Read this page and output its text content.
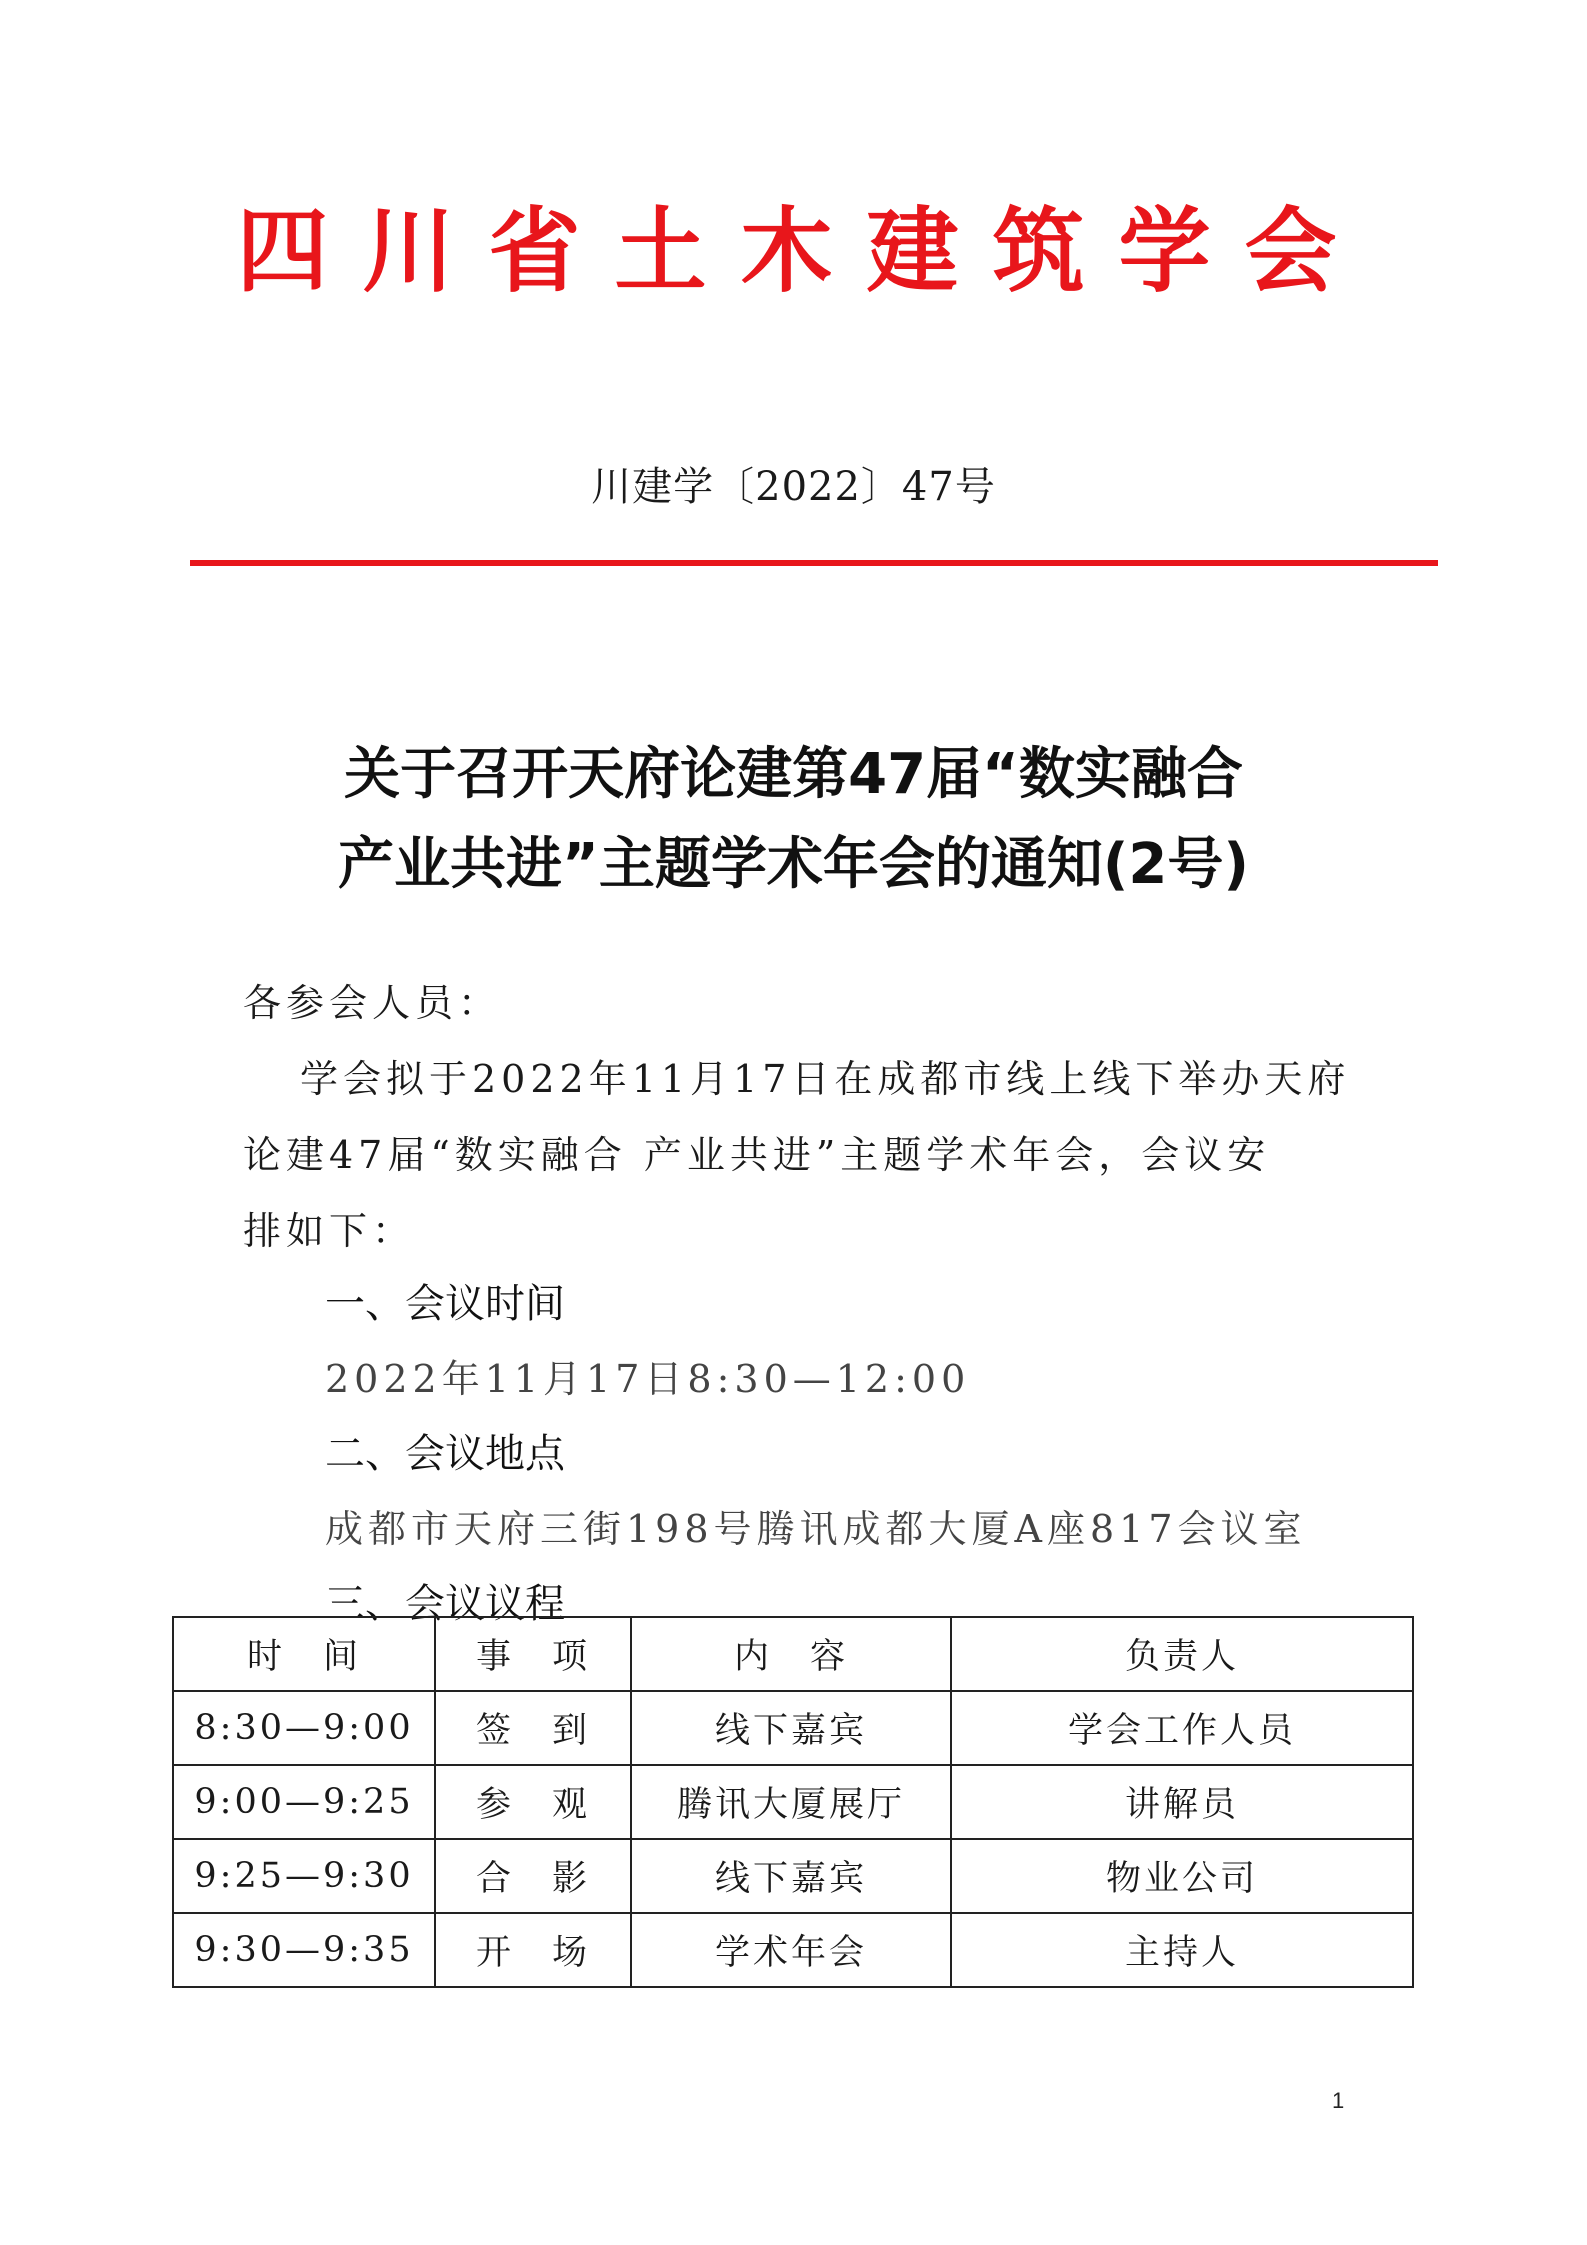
四川省土木建筑学会
川建学〔2022〕47号
关于召开天府论建第47届“数实融合
产业共进”主题学术年会的通知(2号)
各参会人员：
学会拟于2022年11月17日在成都市线上线下举办天府
论建47届“数实融合 产业共进”主题学术年会，会议安
排如下：
一、会议时间
2022年11月17日8:30—12:00
二、会议地点
成都市天府三街198号腾讯成都大厦A座817会议室
三、会议议程
时　间	事　项	内　容	负责人
8:30—9:00	签　到	线下嘉宾	学会工作人员
9:00—9:25	参　观	腾讯大厦展厅	讲解员
9:25—9:30	合　影	线下嘉宾	物业公司
9:30—9:35	开　场	学术年会	主持人
1
